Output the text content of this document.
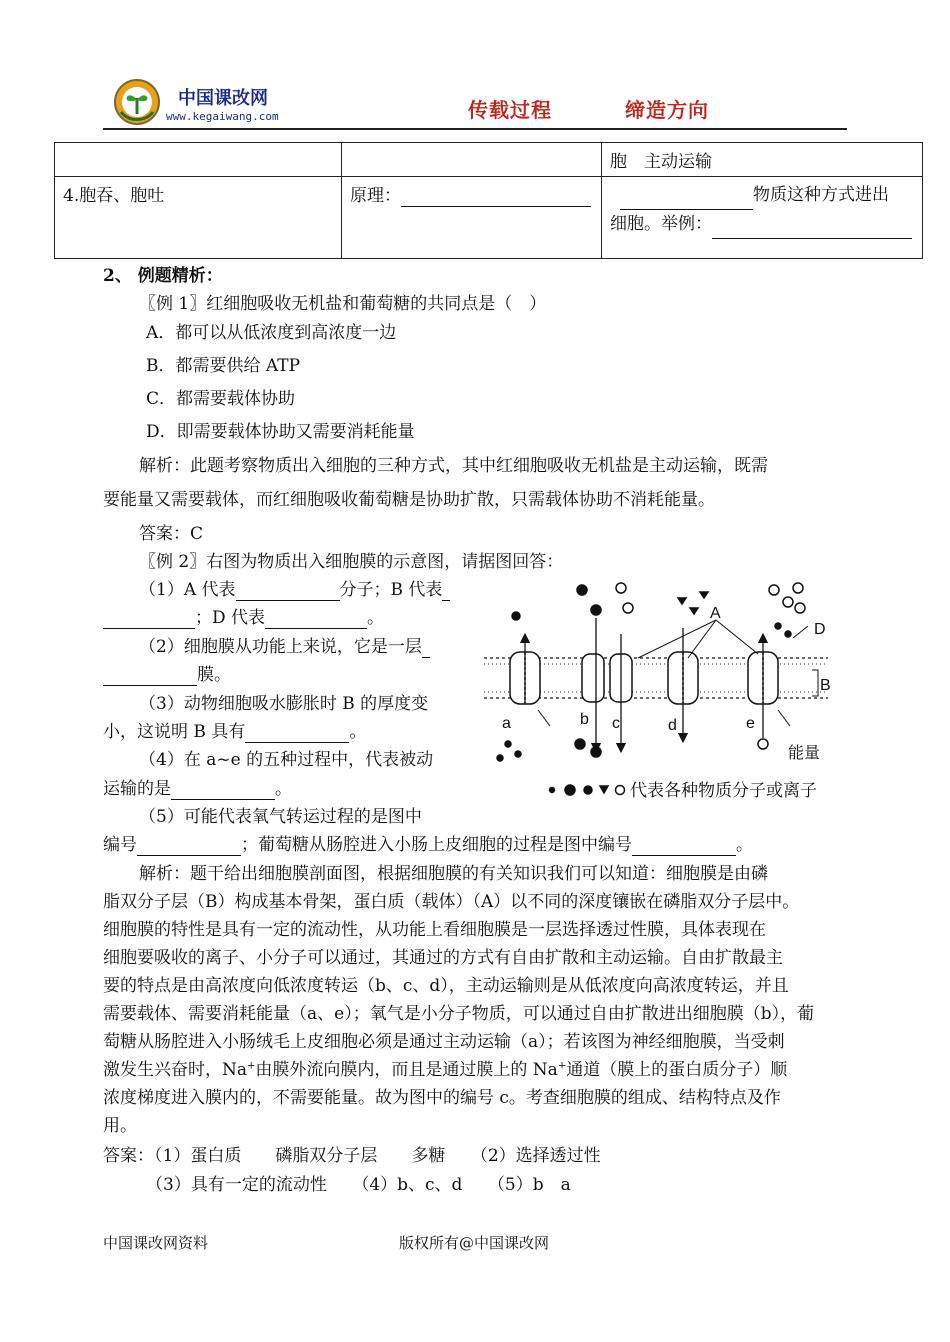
中国课改网
www.kegaiwang.com	传载过程	缔造方向
		胞　主动运输
4.胞吞、胞吐	原理：	物质这种方式进出
细胞。举例：
2、 例题精析：
〖例 1〗红细胞吸收无机盐和葡萄糖的共同点是（　）
A．都可以从低浓度到高浓度一边
B．都需要供给 ATP
C．都需要载体协助
D．即需要载体协助又需要消耗能量
解析：此题考察物质出入细胞的三种方式，其中红细胞吸收无机盐是主动运输，既需
要能量又需要载体，而红细胞吸收葡萄糖是协助扩散，只需载体协助不消耗能量。
答案：C
〖例 2〗右图为物质出入细胞膜的示意图，请据图回答：
（1）A 代表	分子；B 代表
；D 代表	。
（2）细胞膜从功能上来说，它是一层
膜。
（3）动物细胞吸水膨胀时 B 的厚度变
小，这说明 B 具有	。
（4）在 a~e 的五种过程中，代表被动
运输的是	。
（5）可能代表氧气转运过程的是图中
编号	；葡萄糖从肠腔进入小肠上皮细胞的过程是图中编号	。
A
B
D
a	b c	d	e
能量
代表各种物质分子或离子
解析：题干给出细胞膜剖面图，根据细胞膜的有关知识我们可以知道：细胞膜是由磷
脂双分子层（B）构成基本骨架，蛋白质（载体）（A）以不同的深度镶嵌在磷脂双分子层中。
细胞膜的特性是具有一定的流动性，从功能上看细胞膜是一层选择透过性膜，具体表现在
细胞要吸收的离子、小分子可以通过，其通过的方式有自由扩散和主动运输。自由扩散最主
要的特点是由高浓度向低浓度转运（b、c、d），主动运输则是从低浓度向高浓度转运，并且
需要载体、需要消耗能量（a、e）；氧气是小分子物质，可以通过自由扩散进出细胞膜（b），葡
萄糖从肠腔进入小肠绒毛上皮细胞必须是通过主动运输（a）；若该图为神经细胞膜，当受刺
激发生兴奋时，Na+由膜外流向膜内，而且是通过膜上的 Na+通道（膜上的蛋白质分子）顺
浓度梯度进入膜内的，不需要能量。故为图中的编号 c。考查细胞膜的组成、结构特点及作
用。
答案：（1）蛋白质　　磷脂双分子层　　多糖　　（2）选择透过性
（3）具有一定的流动性　　（4）b、c、d　　（5）b　a
中国课改网资料	版权所有@中国课改网
